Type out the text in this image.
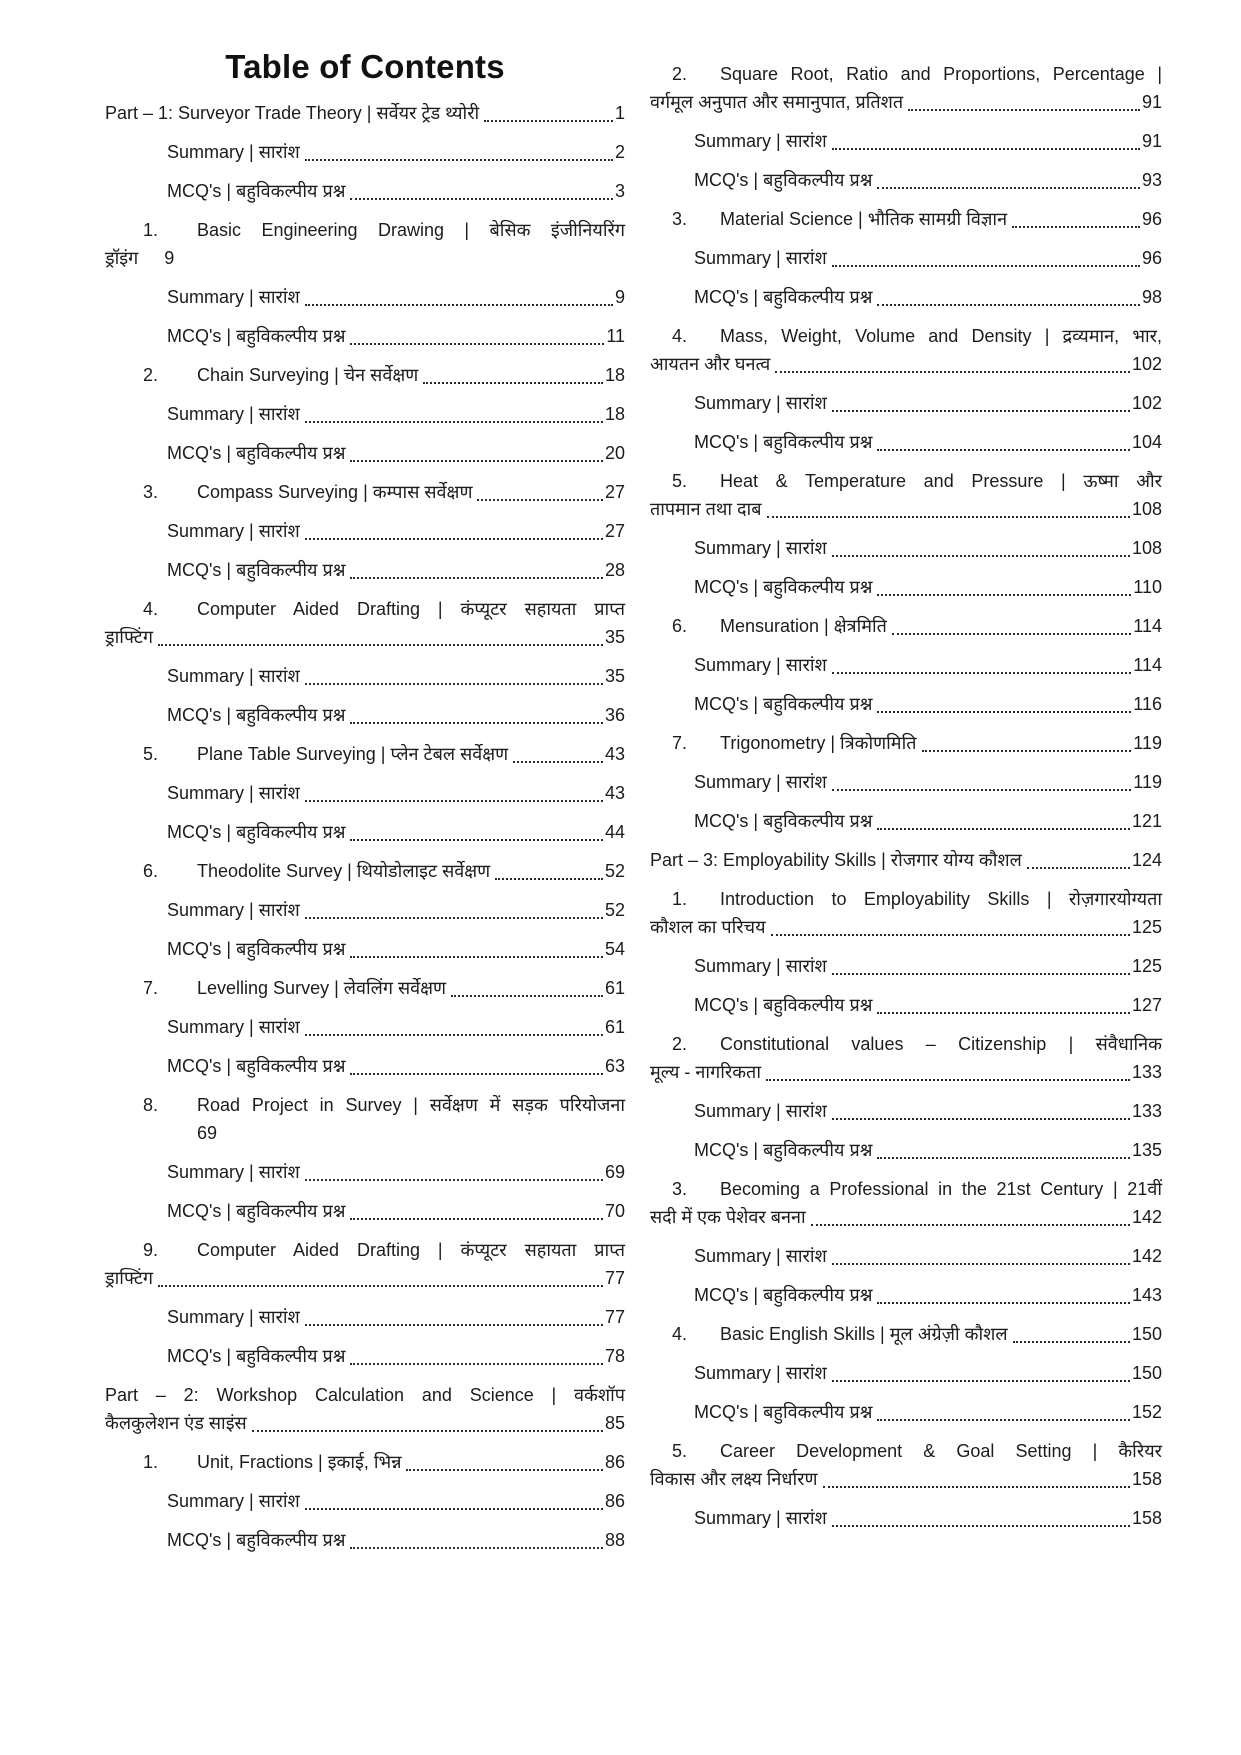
Table of Contents
Part – 1: Surveyor Trade Theory | सर्वेयर ट्रेड थ्योरी	1
Summary | सारांश	2
MCQ's | बहुविकल्पीय प्रश्न	3
1.	Basic Engineering Drawing | बेसिक इंजीनियरिंग
ड्रॉइंग 9
Summary | सारांश	9
MCQ's | बहुविकल्पीय प्रश्न	11
2.	Chain Surveying | चेन सर्वेक्षण	18
Summary | सारांश	18
MCQ's | बहुविकल्पीय प्रश्न	20
3.	Compass Surveying | कम्पास सर्वेक्षण	27
Summary | सारांश	27
MCQ's | बहुविकल्पीय प्रश्न	28
4.	Computer Aided Drafting | कंप्यूटर सहायता प्राप्त
ड्राफ्टिंग	35
Summary | सारांश	35
MCQ's | बहुविकल्पीय प्रश्न	36
5.	Plane Table Surveying | प्लेन टेबल सर्वेक्षण	43
Summary | सारांश	43
MCQ's | बहुविकल्पीय प्रश्न	44
6.	Theodolite Survey | थियोडोलाइट सर्वेक्षण	52
Summary | सारांश	52
MCQ's | बहुविकल्पीय प्रश्न	54
7.	Levelling Survey | लेवलिंग सर्वेक्षण	61
Summary | सारांश	61
MCQ's | बहुविकल्पीय प्रश्न	63
8.	Road Project in Survey | सर्वेक्षण में सड़क परियोजना
69
Summary | सारांश	69
MCQ's | बहुविकल्पीय प्रश्न	70
9.	Computer Aided Drafting | कंप्यूटर सहायता प्राप्त
ड्राफ्टिंग	77
Summary | सारांश	77
MCQ's | बहुविकल्पीय प्रश्न	78
Part – 2: Workshop Calculation and Science | वर्कशॉप
कैलकुलेशन एंड साइंस	85
1.	Unit, Fractions | इकाई, भिन्न	86
Summary | सारांश	86
MCQ's | बहुविकल्पीय प्रश्न	88
2.	Square Root, Ratio and Proportions, Percentage |
वर्गमूल अनुपात और समानुपात, प्रतिशत	91
Summary | सारांश	91
MCQ's | बहुविकल्पीय प्रश्न	93
3.	Material Science | भौतिक सामग्री विज्ञान	96
Summary | सारांश	96
MCQ's | बहुविकल्पीय प्रश्न	98
4.	Mass, Weight, Volume and Density | द्रव्यमान, भार,
आयतन और घनत्व	102
Summary | सारांश	102
MCQ's | बहुविकल्पीय प्रश्न	104
5.	Heat & Temperature and Pressure | ऊष्मा और
तापमान तथा दाब	108
Summary | सारांश	108
MCQ's | बहुविकल्पीय प्रश्न	110
6.	Mensuration | क्षेत्रमिति	114
Summary | सारांश	114
MCQ's | बहुविकल्पीय प्रश्न	116
7.	Trigonometry | त्रिकोणमिति	119
Summary | सारांश	119
MCQ's | बहुविकल्पीय प्रश्न	121
Part – 3: Employability Skills | रोजगार योग्य कौशल	124
1.	Introduction to Employability Skills | रोज़गारयोग्यता
कौशल का परिचय	125
Summary | सारांश	125
MCQ's | बहुविकल्पीय प्रश्न	127
2.	Constitutional values – Citizenship | संवैधानिक
मूल्य - नागरिकता	133
Summary | सारांश	133
MCQ's | बहुविकल्पीय प्रश्न	135
3.	Becoming a Professional in the 21st Century | 21वीं
सदी में एक पेशेवर बनना	142
Summary | सारांश	142
MCQ's | बहुविकल्पीय प्रश्न	143
4.	Basic English Skills | मूल अंग्रेज़ी कौशल	150
Summary | सारांश	150
MCQ's | बहुविकल्पीय प्रश्न	152
5.	Career Development & Goal Setting | कैरियर
विकास और लक्ष्य निर्धारण	158
Summary | सारांश	158
